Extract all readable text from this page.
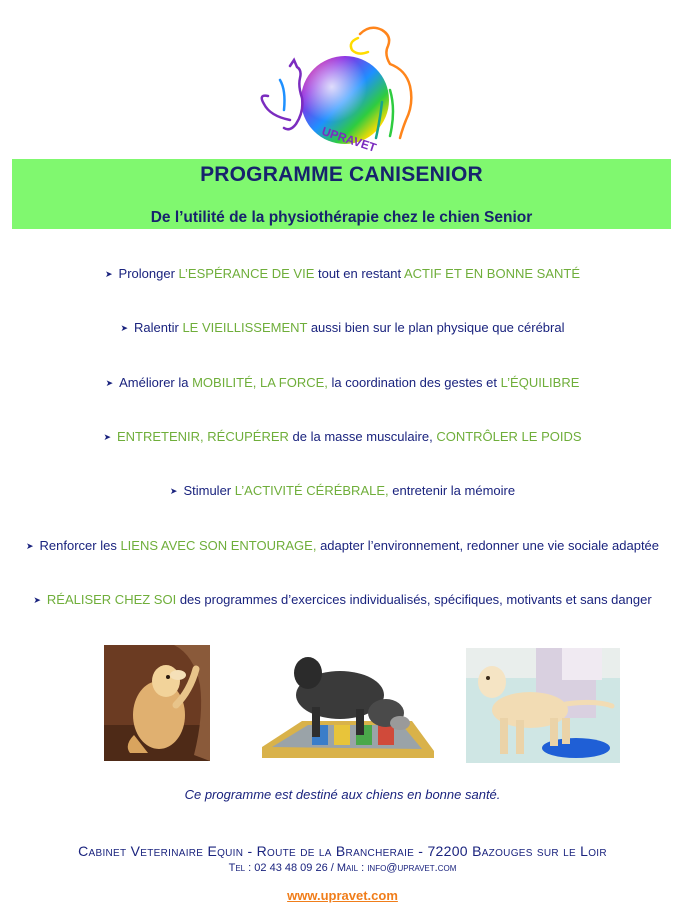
UPRAVET
PROGRAMME CANISENIOR
De l’utilité de la physiothérapie chez le chien Senior
➤ Prolonger L’ESPÉRANCE DE VIE tout en restant ACTIF ET EN BONNE SANTÉ
➤ Ralentir LE VIEILLISSEMENT aussi bien sur le plan physique que cérébral
➤ Améliorer la MOBILITÉ, LA FORCE, la coordination des gestes et L’ÉQUILIBRE
➤ ENTRETENIR, RÉCUPÉRER de la masse musculaire, CONTRÔLER LE POIDS
➤ Stimuler L’ACTIVITÉ CÉRÉBRALE, entretenir la mémoire
➤ Renforcer les LIENS AVEC SON ENTOURAGE, adapter l’environnement, redonner une vie sociale adaptée
➤ RÉALISER CHEZ SOI des programmes d’exercices individualisés, spécifiques, motivants et sans danger
Ce programme est destiné aux chiens en bonne santé.
Cabinet Veterinaire Equin - Route de la Brancheraie - 72200 Bazouges sur le Loir
Tel : 02 43 48 09 26 / Mail : info@upravet.com
www.upravet.com
